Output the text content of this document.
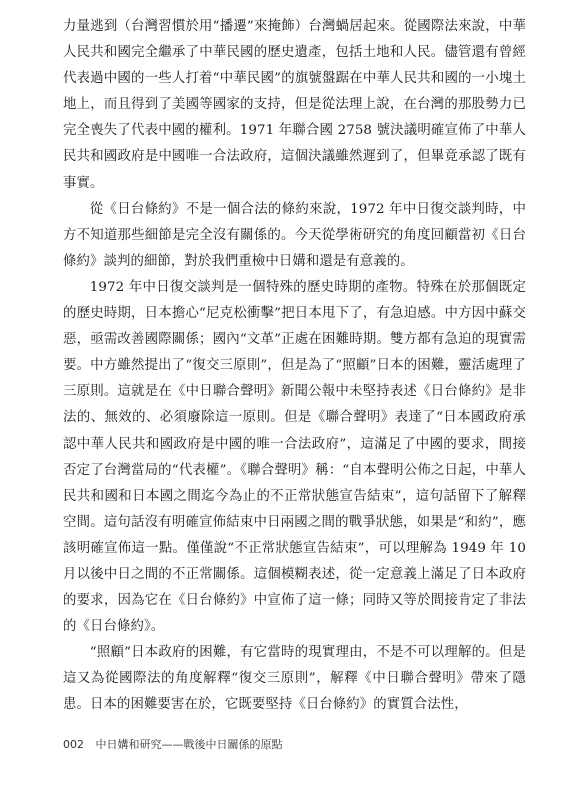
力量逃到（台灣習慣於用“播遷”來掩飾）台灣蝸居起來。從國際法來說，中華人民共和國完全繼承了中華民國的歷史遺產，包括土地和人民。儘管還有曾經代表過中國的一些人打着“中華民國”的旗號盤踞在中華人民共和國的一小塊土地上，而且得到了美國等國家的支持，但是從法理上說，在台灣的那股勢力已完全喪失了代表中國的權利。1971 年聯合國 2758 號決議明確宣佈了中華人民共和國政府是中國唯一合法政府，這個決議雖然遲到了，但畢竟承認了既有事實。

從《日台條約》不是一個合法的條約來說，1972 年中日復交談判時，中方不知道那些細節是完全沒有關係的。今天從學術研究的角度回顧當初《日台條約》談判的細節，對於我們重檢中日媾和還是有意義的。

1972 年中日復交談判是一個特殊的歷史時期的產物。特殊在於那個既定的歷史時期，日本擔心“尼克松衝擊”把日本甩下了，有急迫感。中方因中蘇交惡，亟需改善國際關係；國內“文革”正處在困難時期。雙方都有急迫的現實需要。中方雖然提出了“復交三原則”，但是為了“照顧”日本的困難，靈活處理了三原則。這就是在《中日聯合聲明》新聞公報中未堅持表述《日台條約》是非法的、無效的、必須廢除這一原則。但是《聯合聲明》表達了“日本國政府承認中華人民共和國政府是中國的唯一合法政府”，這滿足了中國的要求，間接否定了台灣當局的“代表權”。《聯合聲明》稱：“自本聲明公佈之日起，中華人民共和國和日本國之間迄今為止的不正常狀態宣告結束”，這句話留下了解釋空間。這句話沒有明確宣佈結束中日兩國之間的戰爭狀態，如果是“和約”，應該明確宣佈這一點。僅僅說“不正常狀態宣告結束”，可以理解為 1949 年 10 月以後中日之間的不正常關係。這個模糊表述，從一定意義上滿足了日本政府的要求，因為它在《日台條約》中宣佈了這一條；同時又等於間接肯定了非法的《日台條約》。

“照顧”日本政府的困難，有它當時的現實理由，不是不可以理解的。但是這又為從國際法的角度解釋“復交三原則”，解釋《中日聯合聲明》帶來了隱患。日本的困難要害在於，它既要堅持《日台條約》的實質合法性，

002 中日媾和研究——戰後中日關係的原點
